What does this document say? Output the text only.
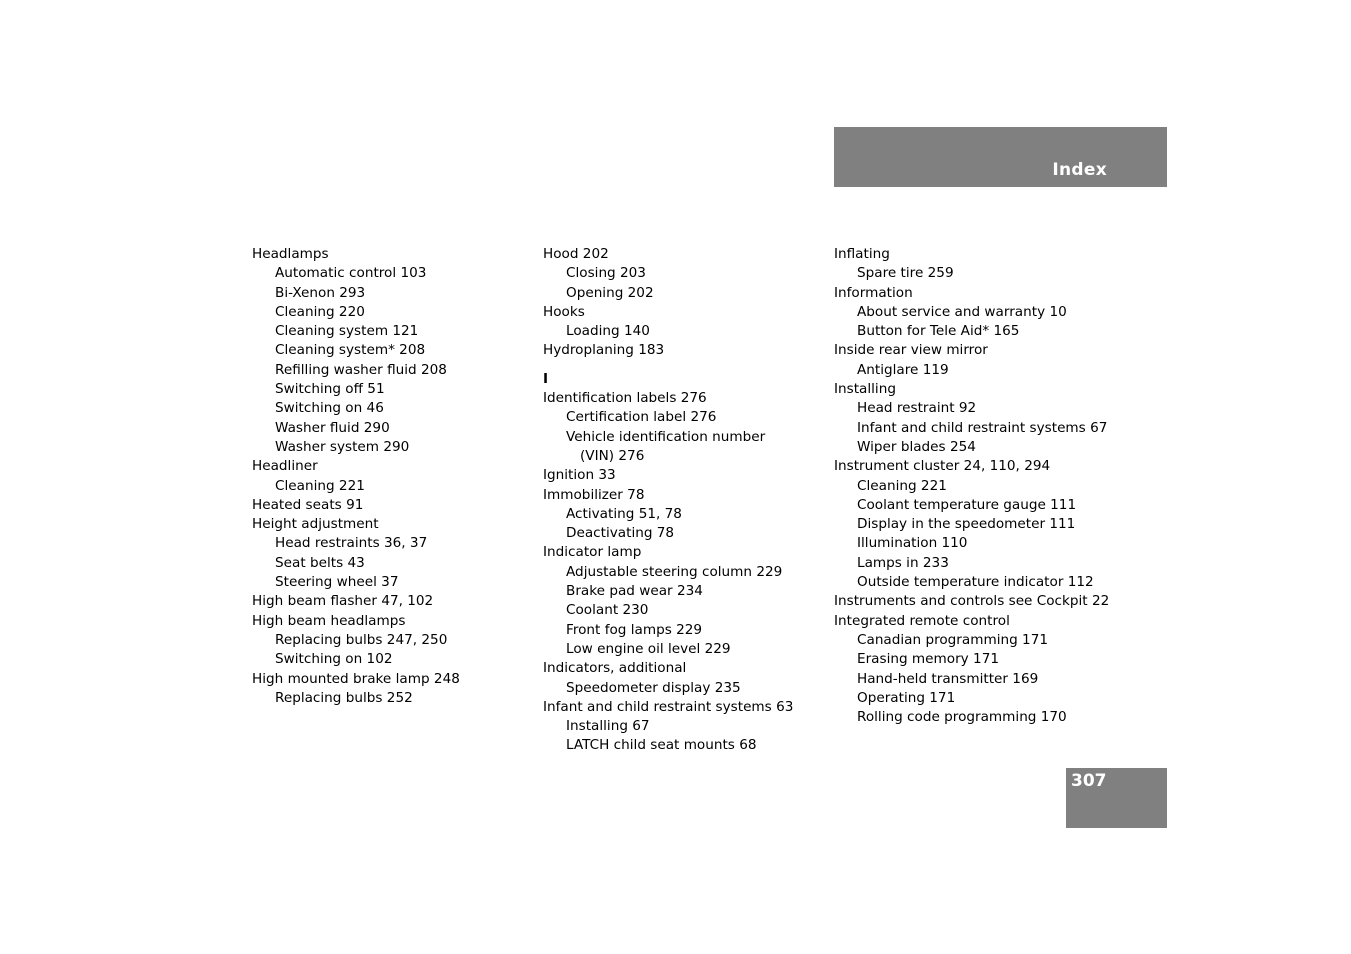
Index
Headlamps
Automatic control 103
Bi-Xenon 293
Cleaning 220
Cleaning system 121
Cleaning system* 208
Refilling washer fluid 208
Switching off 51
Switching on 46
Washer fluid 290
Washer system 290
Headliner
Cleaning 221
Heated seats 91
Height adjustment
Head restraints 36, 37
Seat belts 43
Steering wheel 37
High beam flasher 47, 102
High beam headlamps
Replacing bulbs 247, 250
Switching on 102
High mounted brake lamp 248
Replacing bulbs 252
Hood 202
Closing 203
Opening 202
Hooks
Loading 140
Hydroplaning 183
I
Identification labels 276
Certification label 276
Vehicle identification number
(VIN) 276
Ignition 33
Immobilizer 78
Activating 51, 78
Deactivating 78
Indicator lamp
Adjustable steering column 229
Brake pad wear 234
Coolant 230
Front fog lamps 229
Low engine oil level 229
Indicators, additional
Speedometer display 235
Infant and child restraint systems 63
Installing 67
LATCH child seat mounts 68
Inflating
Spare tire 259
Information
About service and warranty 10
Button for Tele Aid* 165
Inside rear view mirror
Antiglare 119
Installing
Head restraint 92
Infant and child restraint systems 67
Wiper blades 254
Instrument cluster 24, 110, 294
Cleaning 221
Coolant temperature gauge 111
Display in the speedometer 111
Illumination 110
Lamps in 233
Outside temperature indicator 112
Instruments and controls see Cockpit 22
Integrated remote control
Canadian programming 171
Erasing memory 171
Hand-held transmitter 169
Operating 171
Rolling code programming 170
307
